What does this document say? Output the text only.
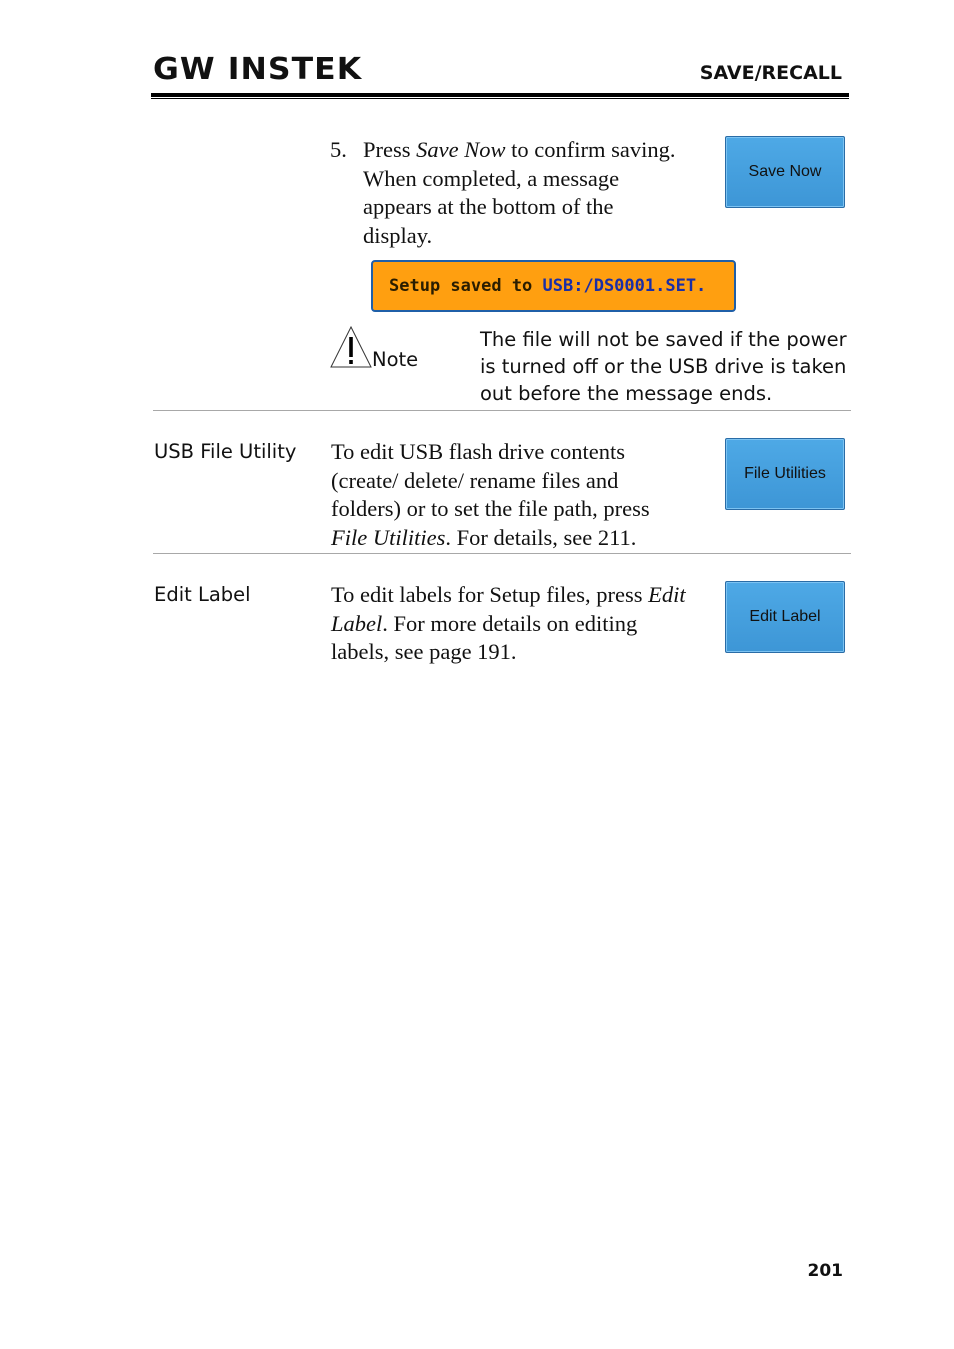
GW INSTEK	SAVE/RECALL
5. Press Save Now to confirm saving.
When completed, a message
appears at the bottom of the
display.
Save Now
Setup saved to USB:/DS0001.SET.
Note
The file will not be saved if the power
is turned off or the USB drive is taken
out before the message ends.
USB File Utility To edit USB flash drive contents
(create/ delete/ rename files and
folders) or to set the file path, press
File Utilities. For details, see 211.
File Utilities
Edit Label	To edit labels for Setup files, press Edit
Label. For more details on editing
labels, see page 191.
Edit Label
201
